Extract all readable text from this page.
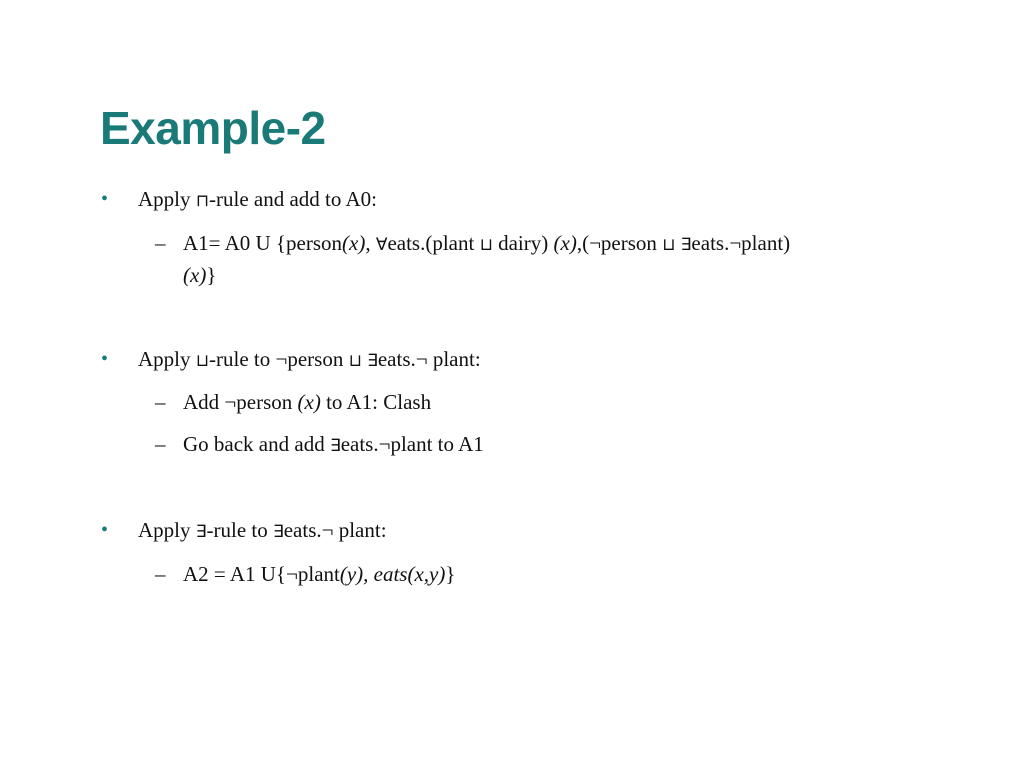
Example-2
• Apply ⊓-rule and add to A0:
– A1= A0 U {person(x), ∀eats.(plant ⊔ dairy) (x),(¬person ⊔ ∃eats.¬plant)
(x)}
• Apply ⊔-rule to ¬person ⊔ ∃eats.¬ plant:
– Add ¬person (x) to A1: Clash
– Go back and add ∃eats.¬plant to A1
• Apply ∃-rule to ∃eats.¬ plant:
– A2 = A1 U{¬plant(y), eats(x,y)}
